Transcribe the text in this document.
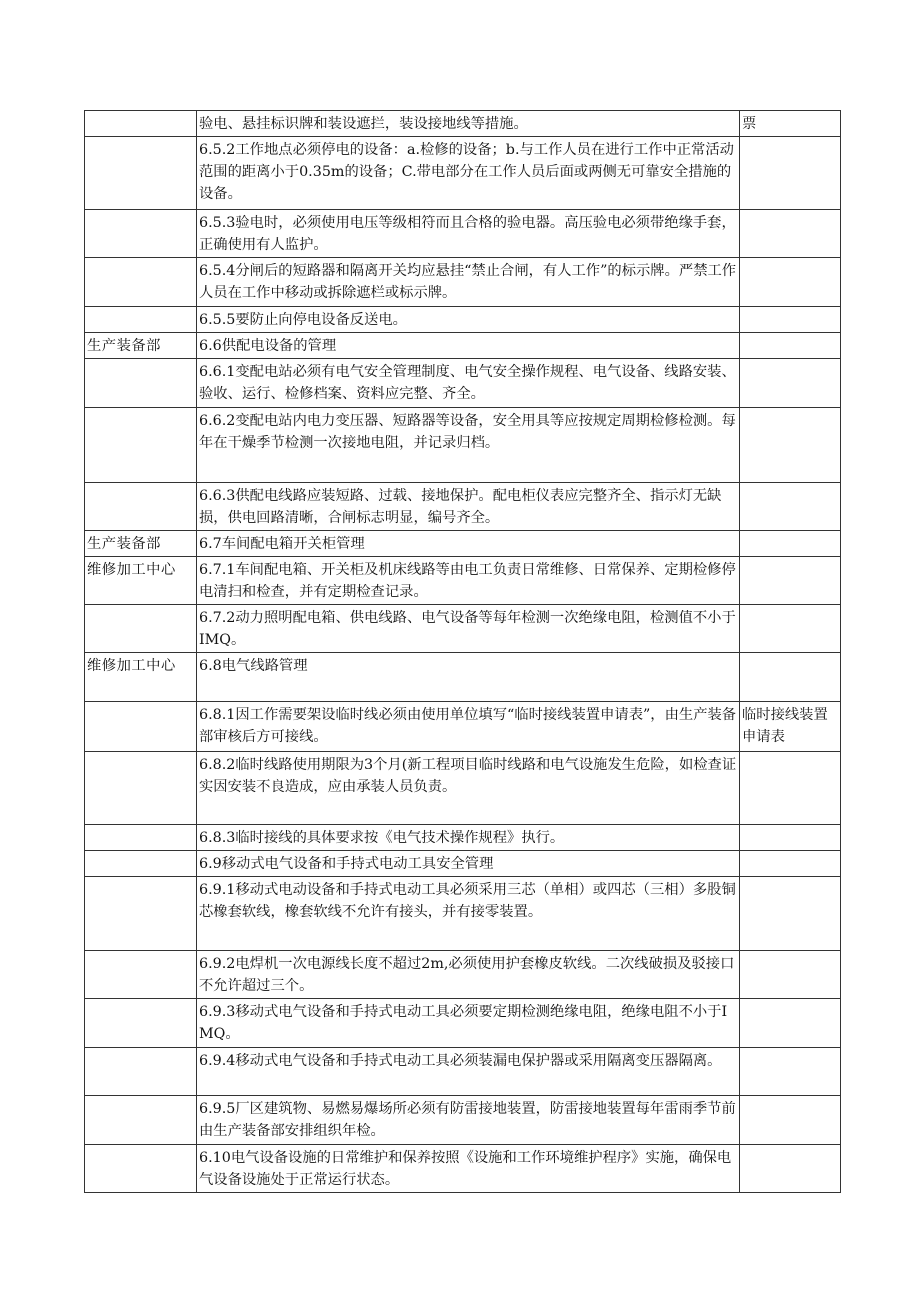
	验电、悬挂标识牌和装设遮拦，装设接地线等措施。	票
	6.5.2工作地点必须停电的设备：a.检修的设备；b.与工作人员在进行工作中正常活动范围的距离小于0.35m的设备；C.带电部分在工作人员后面或两侧无可靠安全措施的设备。	
	6.5.3验电时，必须使用电压等级相符而且合格的验电器。高压验电必须带绝缘手套，正确使用有人监护。	
	6.5.4分闸后的短路器和隔离开关均应悬挂“禁止合闸，有人工作”的标示牌。严禁工作人员在工作中移动或拆除遮栏或标示牌。	
	6.5.5要防止向停电设备反送电。	
生产装备部	6.6供配电设备的管理	
	6.6.1变配电站必须有电气安全管理制度、电气安全操作规程、电气设备、线路安装、验收、运行、检修档案、资料应完整、齐全。	
	6.6.2变配电站内电力变压器、短路器等设备，安全用具等应按规定周期检修检测。每年在干燥季节检测一次接地电阻，并记录归档。	
	6.6.3供配电线路应装短路、过载、接地保护。配电柜仪表应完整齐全、指示灯无缺损，供电回路清晰，合闸标志明显，编号齐全。	
生产装备部	6.7车间配电箱开关柜管理	
维修加工中心	6.7.1车间配电箱、开关柜及机床线路等由电工负责日常维修、日常保养、定期检修停电清扫和检查，并有定期检查记录。	
	6.7.2动力照明配电箱、供电线路、电气设备等每年检测一次绝缘电阻，检测值不小于IMQ。	
维修加工中心	6.8电气线路管理	
	6.8.1因工作需要架设临时线必须由使用单位填写“临时接线装置申请表”，由生产装备部审核后方可接线。	临时接线装置申请表
	6.8.2临时线路使用期限为3个月(新工程项目临时线路和电气设施发生危险，如检查证实因安装不良造成，应由承装人员负责。	
	6.8.3临时接线的具体要求按《电气技术操作规程》执行。	
	6.9移动式电气设备和手持式电动工具安全管理	
	6.9.1移动式电动设备和手持式电动工具必须采用三芯（单相）或四芯（三相）多股铜芯橡套软线，橡套软线不允许有接头，并有接零装置。	
	6.9.2电焊机一次电源线长度不超过2m,必须使用护套橡皮软线。二次线破损及驳接口不允许超过三个。	
	6.9.3移动式电气设备和手持式电动工具必须要定期检测绝缘电阻，绝缘电阻不小于IMQ。	
	6.9.4移动式电气设备和手持式电动工具必须装漏电保护器或采用隔离变压器隔离。	
	6.9.5厂区建筑物、易燃易爆场所必须有防雷接地装置，防雷接地装置每年雷雨季节前由生产装备部安排组织年检。	
	6.10电气设备设施的日常维护和保养按照《设施和工作环境维护程序》实施，确保电气设备设施处于正常运行状态。	
